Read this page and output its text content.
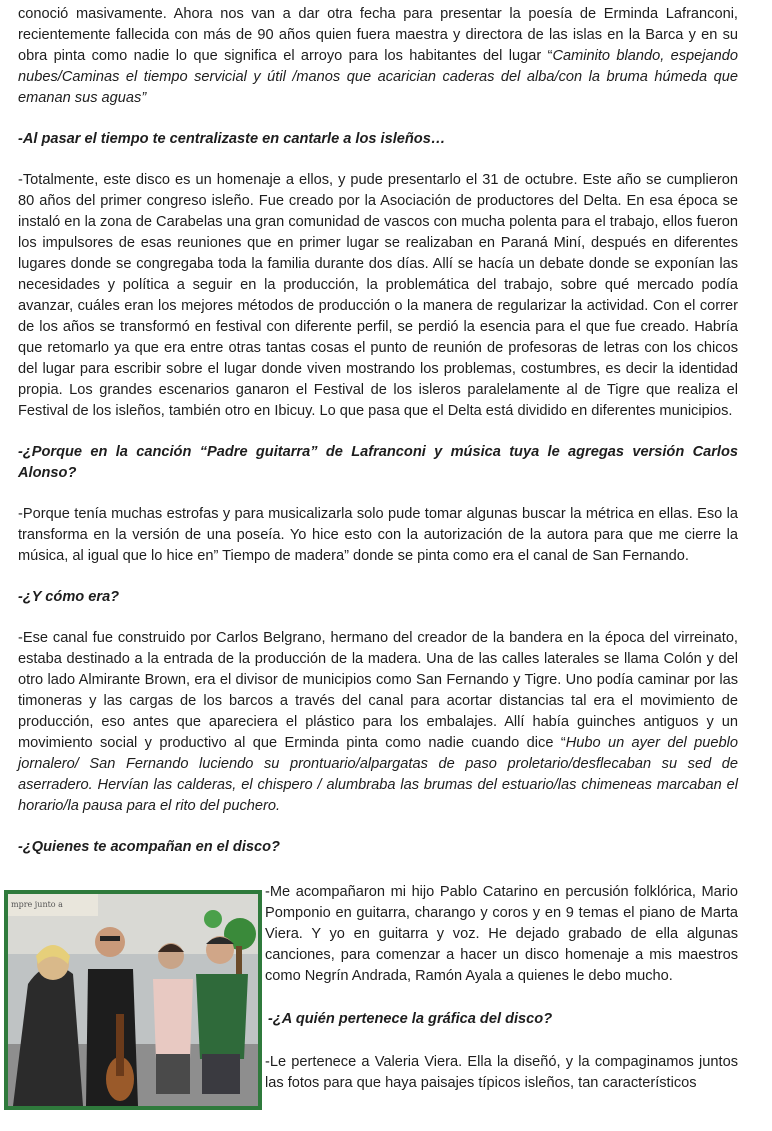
conoció masivamente. Ahora nos van a dar otra fecha para presentar la poesía de Erminda Lafranconi, recientemente fallecida con más de 90 años quien fuera maestra y directora de las islas en la Barca y en su obra pinta como nadie lo que significa el arroyo para los habitantes del lugar “Caminito blando, espejando nubes/Caminas el tiempo servicial y útil /manos que acarician caderas del alba/con la bruma húmeda que emanan sus aguas”

-Al pasar el tiempo te centralizaste en cantarle a los isleños…

-Totalmente, este disco es un homenaje a ellos, y pude presentarlo el 31 de octubre. Este año se cumplieron 80 años del primer congreso isleño. Fue creado por la Asociación de productores del Delta. En esa época se instaló en la zona de Carabelas una gran comunidad de vascos con mucha polenta para el trabajo, ellos fueron los impulsores de esas reuniones que en primer lugar se realizaban en Paraná Miní, después en diferentes lugares donde se congregaba toda la familia durante dos días. Allí se hacía un debate donde se exponían las necesidades y política a seguir en la producción, la problemática del trabajo, sobre qué mercado podía avanzar, cuáles eran los mejores métodos de producción o la manera de regularizar la actividad. Con el correr de los años se transformó en festival con diferente perfil, se perdió la esencia para el que fue creado. Habría que retomarlo ya que era entre otras tantas cosas el punto de reunión de profesoras de letras con los chicos del lugar para escribir sobre el lugar donde viven mostrando los problemas, costumbres, es decir la identidad propia. Los grandes escenarios ganaron el Festival de los isleros paralelamente al de Tigre que realiza el Festival de los isleños, también otro en Ibicuy. Lo que pasa que el Delta está dividido en diferentes municipios.

-¿Porque en la canción “Padre guitarra” de Lafranconi y música tuya le agregas versión Carlos Alonso?

-Porque tenía muchas estrofas y para musicalizarla solo pude tomar algunas buscar la métrica en ellas. Eso la transforma en la versión de una poseía. Yo hice esto con la autorización de la autora para que me cierre la música, al igual que lo hice en” Tiempo de madera” donde se pinta como era el canal de San Fernando.

-¿Y cómo era?

-Ese canal fue construido por Carlos Belgrano, hermano del creador de la bandera en la época del virreinato, estaba destinado a la entrada de la producción de la madera. Una de las calles laterales se llama Colón y del otro lado Almirante Brown, era el divisor de municipios como San Fernando y Tigre. Uno podía caminar por las timoneras y las cargas de los barcos a través del canal para acortar distancias tal era el movimiento de producción, eso antes que apareciera el plástico para los embalajes. Allí había guinches antiguos y un movimiento social y productivo al que Erminda pinta como nadie cuando dice “Hubo un ayer del pueblo jornalero/ San Fernando luciendo su prontuario/alpargatas de paso proletario/desflecaban su sed de aserradero. Hervían las calderas, el chispero / alumbraba las brumas del estuario/las chimeneas marcaban el horario/la pausa para el rito del puchero.

-¿Quienes te acompañan en el disco?

mpre junto a

-Me acompañaron mi hijo Pablo Catarino en percusión folklórica, Mario Pomponio en guitarra, charango y coros y en 9 temas el piano de Marta Viera. Y yo en guitarra y voz. He dejado grabado de ella algunas canciones, para comenzar a hacer un disco homenaje a mis maestros como Negrín Andrada, Ramón Ayala a quienes le debo mucho.

-¿A quién pertenece la gráfica del disco?

-Le pertenece a Valeria Viera. Ella la diseñó, y la compaginamos juntos las fotos para que haya paisajes típicos isleños, tan característicos
